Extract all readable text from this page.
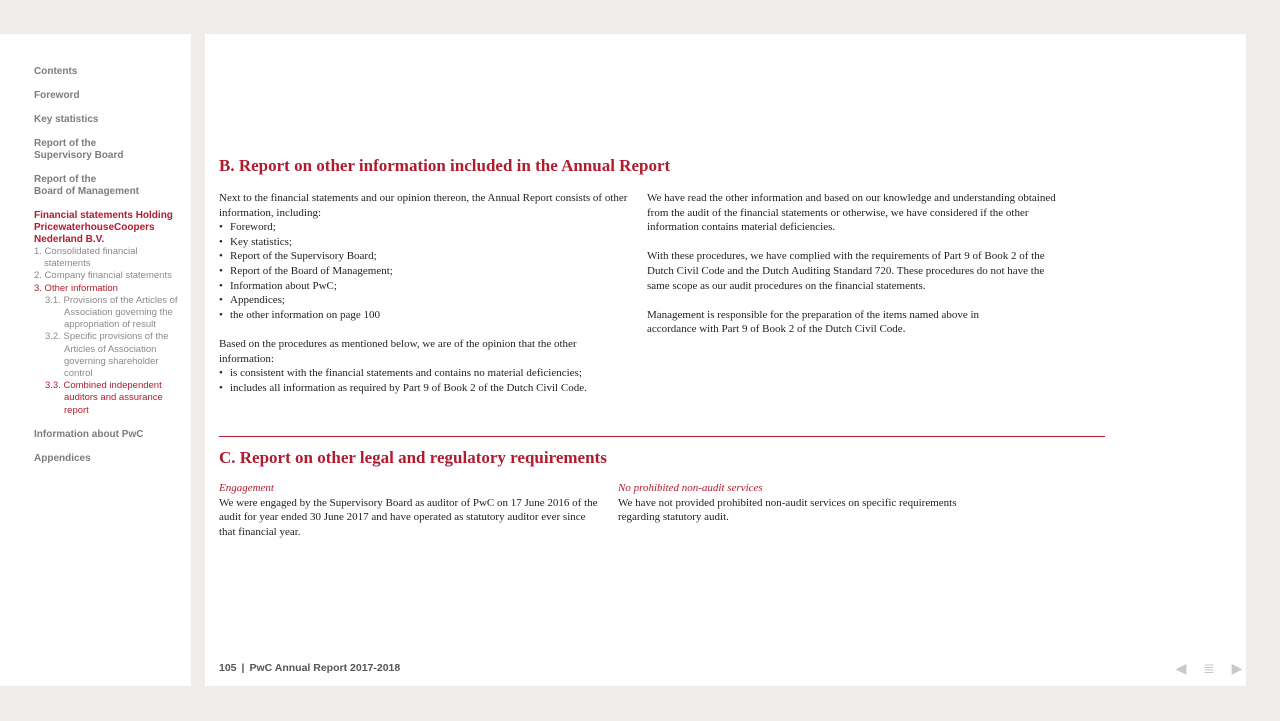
Contents
Foreword
Key statistics
Report of the
Supervisory Board
Report of the
Board of Management
Financial statements Holding PricewaterhouseCoopers Nederland B.V.

1. Consolidated financial statements

2. Company financial statements

3. Other information

3.1. Provisions of the Articles of Association governing the appropriation of result

3.2. Specific provisions of the Articles of Association governing shareholder control

3.3. Combined independent auditors and assurance report

Information about PwC
Appendices
B. Report on other information included in the Annual Report

Next to the financial statements and our opinion thereon, the Annual Report consists of other information, including:

• Foreword;
• Key statistics;
• Report of the Supervisory Board;
• Report of the Board of Management;
• Information about PwC;
• Appendices;
• the other information on page 100

Based on the procedures as mentioned below, we are of the opinion that the other information:

• is consistent with the financial statements and contains no material deficiencies;
• includes all information as required by Part 9 of Book 2 of the Dutch Civil Code.

We have read the other information and based on our knowledge and understanding obtained from the audit of the financial statements or otherwise, we have considered if the other information contains material deficiencies.

With these procedures, we have complied with the requirements of Part 9 of Book 2 of the Dutch Civil Code and the Dutch Auditing Standard 720. These procedures do not have the same scope as our audit procedures on the financial statements.

Management is responsible for the preparation of the items named above in accordance with Part 9 of Book 2 of the Dutch Civil Code.

C. Report on other legal and regulatory requirements

Engagement

We were engaged by the Supervisory Board as auditor of PwC on 17 June 2016 of the audit for year ended 30 June 2017 and have operated as statutory auditor ever since that financial year.

No prohibited non-audit services

We have not provided prohibited non-audit services on specific requirements regarding statutory audit.

105 | PwC Annual Report 2017-2018	◀ ≣ ▶
